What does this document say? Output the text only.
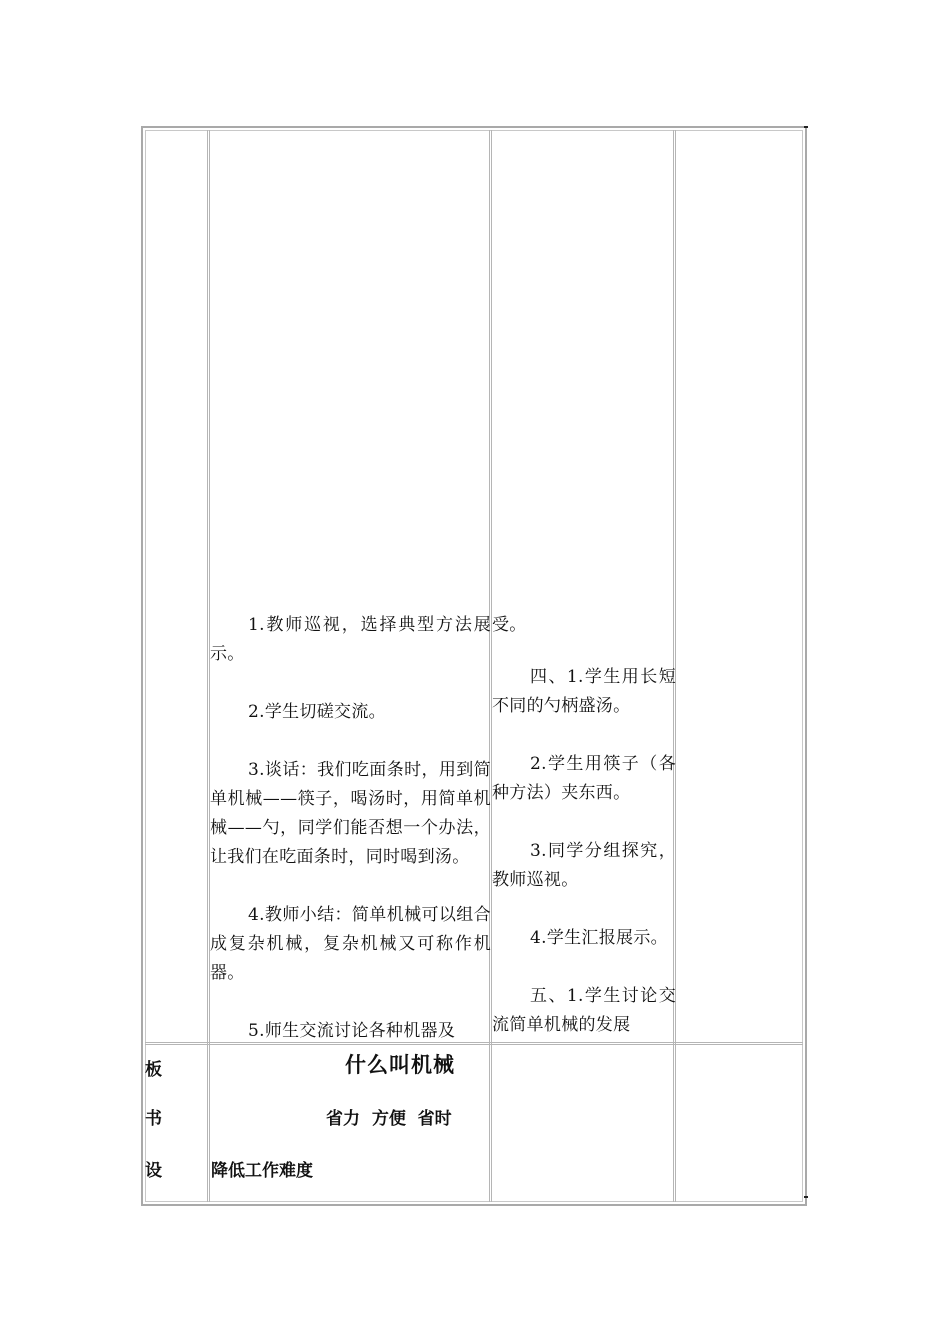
1.教师巡视，选择典型方法展示。

2.学生切磋交流。

3.谈话：我们吃面条时，用到简单机械——筷子，喝汤时，用简单机械——勺，同学们能否想一个办法，让我们在吃面条时，同时喝到汤。

4.教师小结：简单机械可以组合成复杂机械，复杂机械又可称作机器。

5.师生交流讨论各种机器及

受。

四、1.学生用长短不同的勺柄盛汤。

2.学生用筷子（各种方法）夹东西。

3.同学分组探究，教师巡视。

4.学生汇报展示。

五、1.学生讨论交流简单机械的发展

板
书
设
什么叫机械
省力  方便  省时
降低工作难度
